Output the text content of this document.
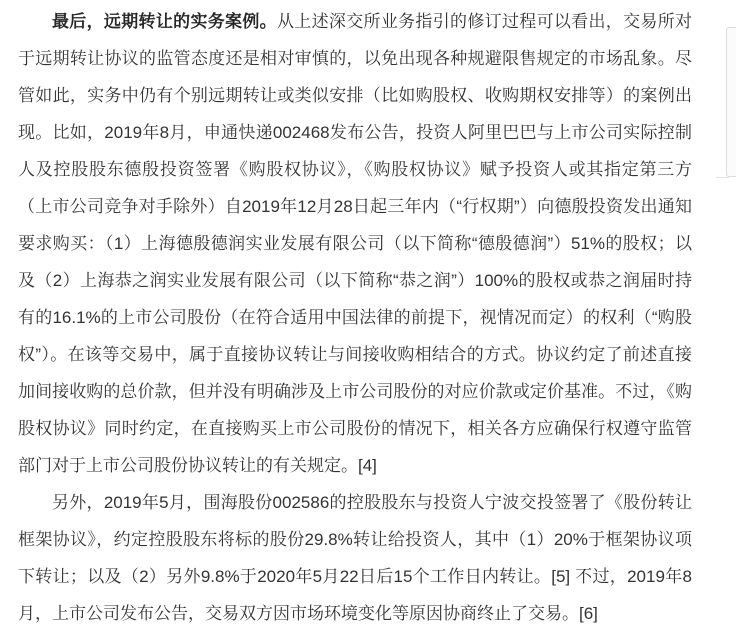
最后，远期转让的实务案例。从上述深交所业务指引的修订过程可以看出，交易所对于远期转让协议的监管态度还是相对审慎的，以免出现各种规避限售规定的市场乱象。尽管如此，实务中仍有个别远期转让或类似安排（比如购股权、收购期权安排等）的案例出现。比如，2019年8月，申通快递002468发布公告，投资人阿里巴巴与上市公司实际控制人及控股股东德殷投资签署《购股权协议》，《购股权协议》赋予投资人或其指定第三方（上市公司竞争对手除外）自2019年12月28日起三年内（“行权期”）向德殷投资发出通知要求购买：（1）上海德殷德润实业发展有限公司（以下简称“德殷德润”）51%的股权；以及（2）上海恭之润实业发展有限公司（以下简称“恭之润”）100%的股权或恭之润届时持有的16.1%的上市公司股份（在符合适用中国法律的前提下，视情况而定）的权利（“购股权”）。在该等交易中，属于直接协议转让与间接收购相结合的方式。协议约定了前述直接加间接收购的总价款，但并没有明确涉及上市公司股份的对应价款或定价基准。不过，《购股权协议》同时约定，在直接购买上市公司股份的情况下，相关各方应确保行权遵守监管部门对于上市公司股份协议转让的有关规定。[4]

另外，2019年5月，围海股份002586的控股股东与投资人宁波交投签署了《股份转让框架协议》，约定控股股东将标的股份29.8%转让给投资人，其中（1）20%于框架协议项下转让；以及（2）另外9.8%于2020年5月22日后15个工作日内转让。[5] 不过，2019年8月，上市公司发布公告，交易双方因市场环境变化等原因协商终止了交易。[6]
